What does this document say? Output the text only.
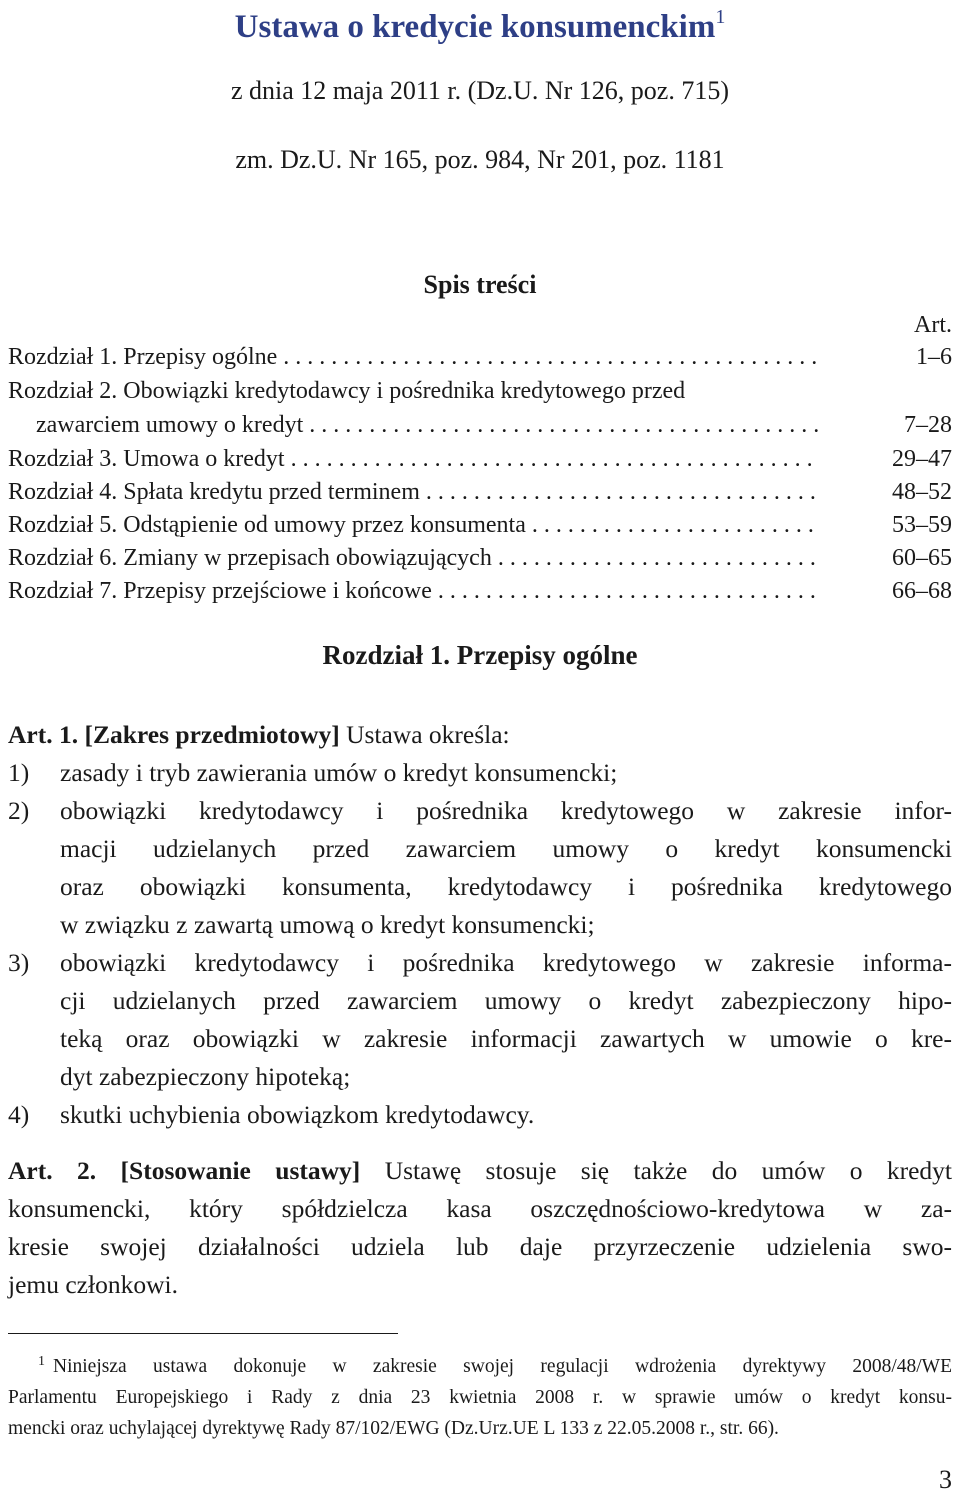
Ustawa o kredycie konsumenckim$^1$
z dnia 12 maja 2011 r. (Dz.U. Nr 126, poz. 715)
zm. Dz.U. Nr 165, poz. 984, Nr 201, poz. 1181
Spis treści
Art.
Rozdział 1. Przepisy ogólne . . .	1–6
Rozdział 2. Obowiązki kredytodawcy i pośrednika kredytowego przed
zawarciem umowy o kredyt . . .	7–28
Rozdział 3. Umowa o kredyt . . .	29–47
Rozdział 4. Spłata kredytu przed terminem . . .	48–52
Rozdział 5. Odstąpienie od umowy przez konsumenta . . .	53–59
Rozdział 6. Zmiany w przepisach obowiązujących . . .	60–65
Rozdział 7. Przepisy przejściowe i końcowe . . .	66–68
Rozdział 1. Przepisy ogólne
Art. 1. [Zakres przedmiotowy] Ustawa określa:
1) zasady i tryb zawierania umów o kredyt konsumencki;
2) obowiązki kredytodawcy i pośrednika kredytowego w zakresie infor-
macji udzielanych przed zawarciem umowy o kredyt konsumencki
oraz obowiązki konsumenta, kredytodawcy i pośrednika kredytowego
w związku z zawartą umową o kredyt konsumencki;
3) obowiązki kredytodawcy i pośrednika kredytowego w zakresie informa-
cji udzielanych przed zawarciem umowy o kredyt zabezpieczony hipo-
teką oraz obowiązki w zakresie informacji zawartych w umowie o kre-
dyt zabezpieczony hipoteką;
4) skutki uchybienia obowiązkom kredytodawcy.
Art. 2. [Stosowanie ustawy] Ustawę stosuje się także do umów o kredyt
konsumencki, który spółdzielcza kasa oszczędnościowo-kredytowa w za-
kresie swojej działalności udziela lub daje przyrzeczenie udzielenia swo-
jemu członkowi.
$^1$ Niniejsza ustawa dokonuje w zakresie swojej regulacji wdrożenia dyrektywy 2008/48/WE
Parlamentu Europejskiego i Rady z dnia 23 kwietnia 2008 r. w sprawie umów o kredyt konsu-
mencki oraz uchylającej dyrektywę Rady 87/102/EWG (Dz.Urz.UE L 133 z 22.05.2008 r., str. 66).
3
